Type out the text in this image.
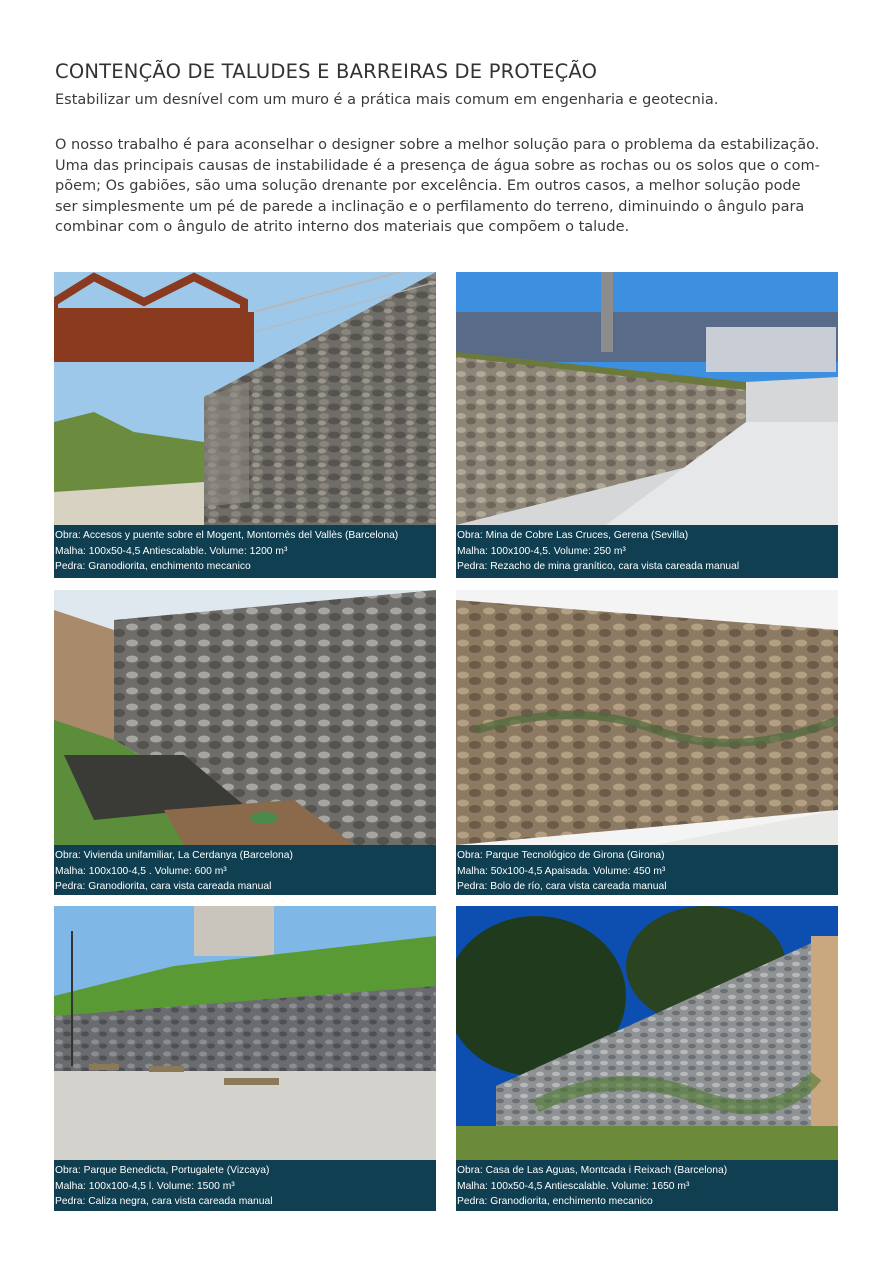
CONTENÇÃO DE TALUDES E BARREIRAS DE PROTEÇÃO
Estabilizar um desnível com um muro é a prática mais comum em engenharia e geotecnia.
O nosso trabalho é para aconselhar o designer sobre a melhor solução para o problema da estabilização.
Uma das principais causas de instabilidade é a presença de água sobre as rochas ou os solos que o com-
põem; Os gabiões, são uma solução drenante por excelência. Em outros casos, a melhor solução pode
ser simplesmente um pé de parede a inclinação e o perfilamento do terreno, diminuindo o ângulo para
combinar com o ângulo de atrito interno dos materiais que compõem o talude.
Obra: Accesos y puente sobre el Mogent, Montornès del Vallès (Barcelona)
Malha: 100x50-4,5 Antiescalable. Volume: 1200 m³
Pedra: Granodiorita, enchimento mecanico
Obra: Mina de Cobre Las Cruces, Gerena (Sevilla)
Malha: 100x100-4,5. Volume: 250 m³
Pedra: Rezacho de mina granítico, cara vista careada manual
Obra: Vivienda unifamiliar, La Cerdanya (Barcelona)
Malha: 100x100-4,5 . Volume: 600 m³
Pedra: Granodiorita, cara vista careada manual
Obra: Parque Tecnológico de Girona (Girona)
Malha: 50x100-4,5 Apaisada. Volume: 450 m³
Pedra: Bolo de río, cara vista careada manual
Obra: Parque Benedicta, Portugalete (Vizcaya)
Malha: 100x100-4,5 l. Volume: 1500 m³
Pedra: Caliza negra, cara vista careada manual
Obra: Casa de Las Aguas, Montcada i Reixach (Barcelona)
Malha: 100x50-4,5 Antiescalable. Volume: 1650 m³
Pedra: Granodiorita, enchimento mecanico
